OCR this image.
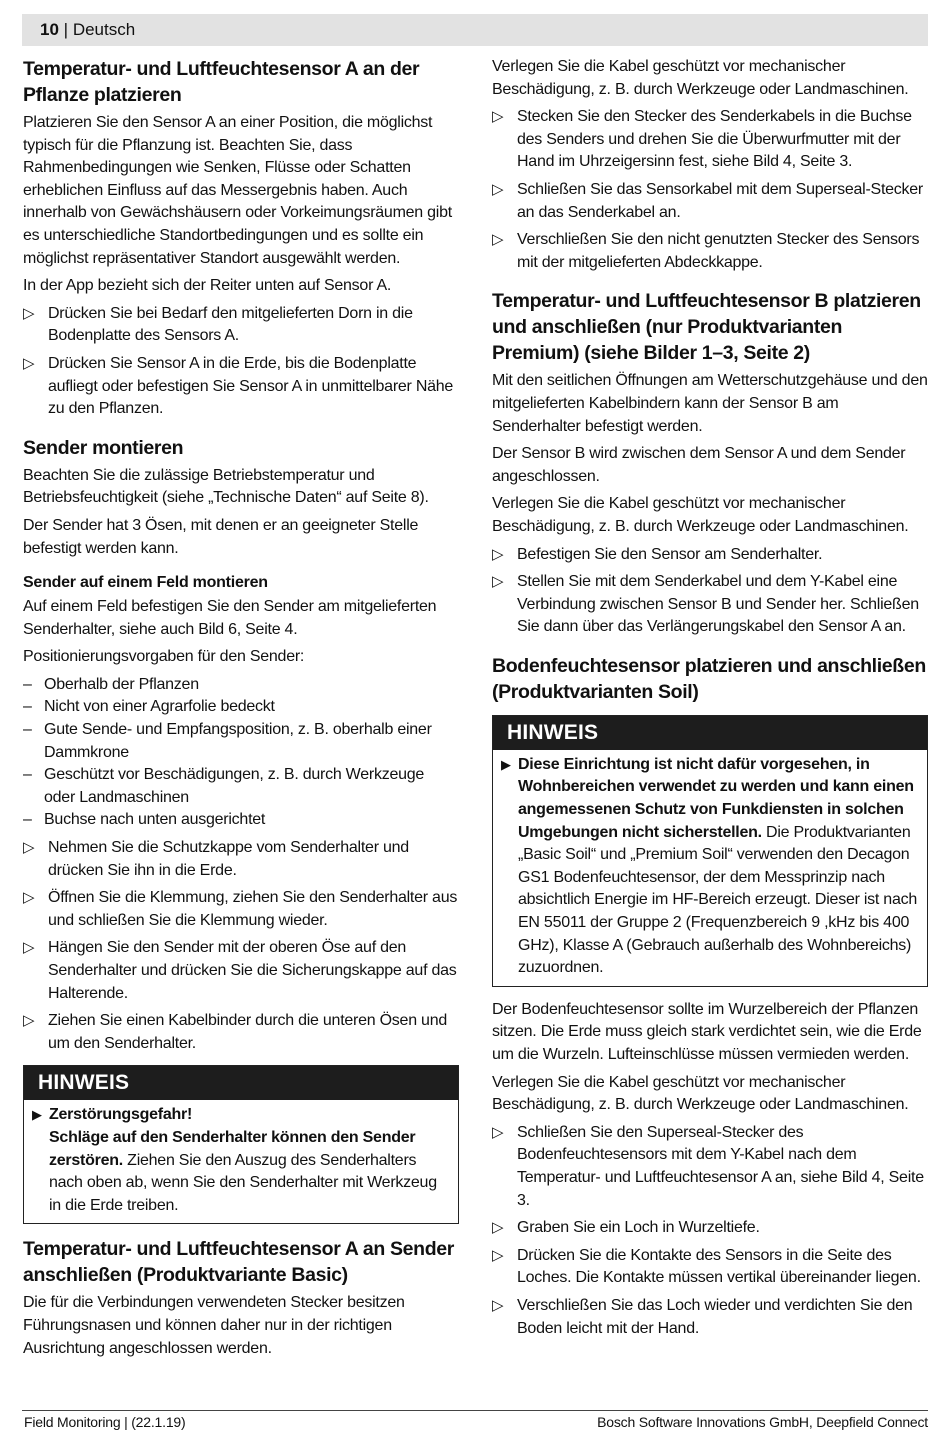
10 | Deutsch
Temperatur- und Luftfeuchtesensor A an der Pflanze platzieren

Platzieren Sie den Sensor A an einer Position, die möglichst typisch für die Pflanzung ist. Beachten Sie, dass Rahmenbedingungen wie Senken, Flüsse oder Schatten erheblichen Einfluss auf das Messergebnis haben. Auch innerhalb von Gewächshäusern oder Vorkeimungsräumen gibt es unterschiedliche Standortbedingungen und es sollte ein möglichst repräsentativer Standort ausgewählt werden.

In der App bezieht sich der Reiter unten auf Sensor A.

▷ Drücken Sie bei Bedarf den mitgelieferten Dorn in die Bodenplatte des Sensors A.
▷ Drücken Sie Sensor A in die Erde, bis die Bodenplatte aufliegt oder befestigen Sie Sensor A in unmittelbarer Nähe zu den Pflanzen.
Sender montieren

Beachten Sie die zulässige Betriebstemperatur und Betriebsfeuchtigkeit (siehe „Technische Daten“ auf Seite 8).

Der Sender hat 3 Ösen, mit denen er an geeigneter Stelle befestigt werden kann.

Sender auf einem Feld montieren

Auf einem Feld befestigen Sie den Sender am mitgelieferten Senderhalter, siehe auch Bild 6, Seite 4.

Positionierungsvorgaben für den Sender:

– Oberhalb der Pflanzen
– Nicht von einer Agrarfolie bedeckt
– Gute Sende- und Empfangsposition, z. B. oberhalb einer Dammkrone
– Geschützt vor Beschädigungen, z. B. durch Werkzeuge oder Landmaschinen
– Buchse nach unten ausgerichtet
▷ Nehmen Sie die Schutzkappe vom Senderhalter und drücken Sie ihn in die Erde.
▷ Öffnen Sie die Klemmung, ziehen Sie den Senderhalter aus und schließen Sie die Klemmung wieder.
▷ Hängen Sie den Sender mit der oberen Öse auf den Senderhalter und drücken Sie die Sicherungskappe auf das Halterende.
▷ Ziehen Sie einen Kabelbinder durch die unteren Ösen und um den Senderhalter.
HINWEIS
▶ Zerstörungsgefahr!
Schläge auf den Senderhalter können den Sender zerstören. Ziehen Sie den Auszug des Senderhalters nach oben ab, wenn Sie den Senderhalter mit Werkzeug in die Erde treiben.
Temperatur- und Luftfeuchtesensor A an Sender anschließen (Produktvariante Basic)

Die für die Verbindungen verwendeten Stecker besitzen Führungsnasen und können daher nur in der richtigen Ausrichtung angeschlossen werden.

Verlegen Sie die Kabel geschützt vor mechanischer Beschädigung, z. B. durch Werkzeuge oder Landmaschinen.

▷ Stecken Sie den Stecker des Senderkabels in die Buchse des Senders und drehen Sie die Überwurfmutter mit der Hand im Uhrzeigersinn fest, siehe Bild 4, Seite 3.
▷ Schließen Sie das Sensorkabel mit dem Superseal-Stecker an das Senderkabel an.
▷ Verschließen Sie den nicht genutzten Stecker des Sensors mit der mitgelieferten Abdeckkappe.
Temperatur- und Luftfeuchtesensor B platzieren und anschließen (nur Produktvarianten Premium) (siehe Bilder 1–3, Seite 2)

Mit den seitlichen Öffnungen am Wetterschutzgehäuse und den mitgelieferten Kabelbindern kann der Sensor B am Senderhalter befestigt werden.

Der Sensor B wird zwischen dem Sensor A und dem Sender angeschlossen.

Verlegen Sie die Kabel geschützt vor mechanischer Beschädigung, z. B. durch Werkzeuge oder Landmaschinen.

▷ Befestigen Sie den Sensor am Senderhalter.
▷ Stellen Sie mit dem Senderkabel und dem Y-Kabel eine Verbindung zwischen Sensor B und Sender her. Schließen Sie dann über das Verlängerungskabel den Sensor A an.
Bodenfeuchtesensor platzieren und anschließen (Produktvarianten Soil)
HINWEIS
▶ Diese Einrichtung ist nicht dafür vorgesehen, in Wohnbereichen verwendet zu werden und kann einen angemessenen Schutz von Funkdiensten in solchen Umgebungen nicht sicherstellen. Die Produktvarianten „Basic Soil“ und „Premium Soil“ verwenden den Decagon GS1 Bodenfeuchtesensor, der dem Messprinzip nach absichtlich Energie im HF-Bereich erzeugt. Dieser ist nach EN 55011 der Gruppe 2 (Frequenzbereich 9 ,kHz bis 400 GHz), Klasse A (Gebrauch außerhalb des Wohnbereichs) zuzuordnen.

Der Bodenfeuchtesensor sollte im Wurzelbereich der Pflanzen sitzen. Die Erde muss gleich stark verdichtet sein, wie die Erde um die Wurzeln. Lufteinschlüsse müssen vermieden werden.

Verlegen Sie die Kabel geschützt vor mechanischer Beschädigung, z. B. durch Werkzeuge oder Landmaschinen.

▷ Schließen Sie den Superseal-Stecker des Bodenfeuchtesensors mit dem Y-Kabel nach dem Temperatur- und Luftfeuchtesensor A an, siehe Bild 4, Seite 3.
▷ Graben Sie ein Loch in Wurzeltiefe.
▷ Drücken Sie die Kontakte des Sensors in die Seite des Loches. Die Kontakte müssen vertikal übereinander liegen.
▷ Verschließen Sie das Loch wieder und verdichten Sie den Boden leicht mit der Hand.
Field Monitoring | (22.1.19)	Bosch Software Innovations GmbH, Deepfield Connect
